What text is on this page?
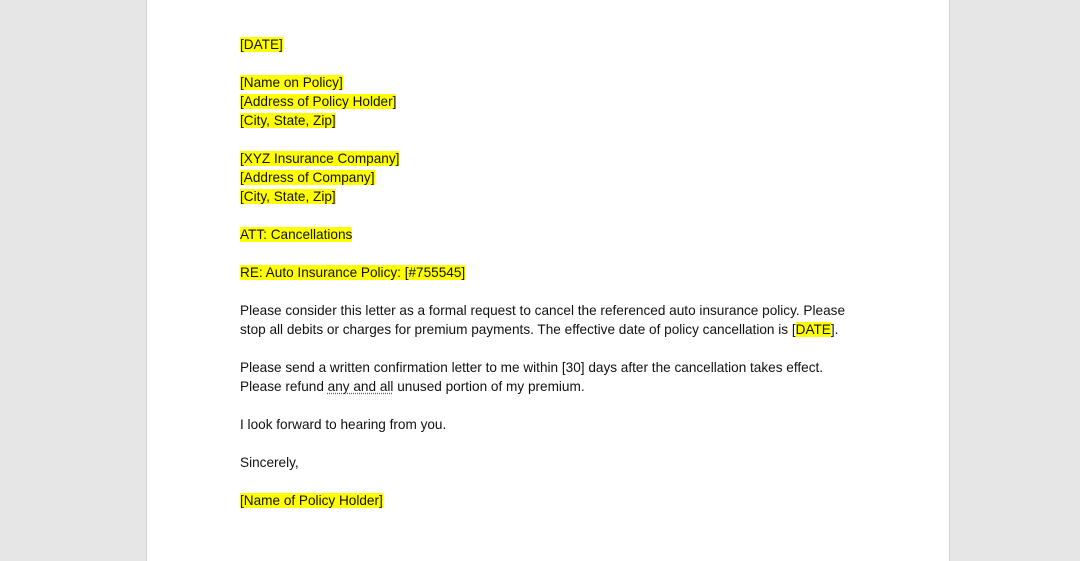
[DATE]
[Name on Policy]
[Address of Policy Holder]
[City, State, Zip]
[XYZ Insurance Company]
[Address of Company]
[City, State, Zip]
ATT: Cancellations
RE: Auto Insurance Policy: [#755545]
Please consider this letter as a formal request to cancel the referenced auto insurance policy. Please
stop all debits or charges for premium payments. The effective date of policy cancellation is [DATE].
Please send a written confirmation letter to me within [30] days after the cancellation takes effect.
Please refund any and all unused portion of my premium.
I look forward to hearing from you.
Sincerely,
[Name of Policy Holder]
